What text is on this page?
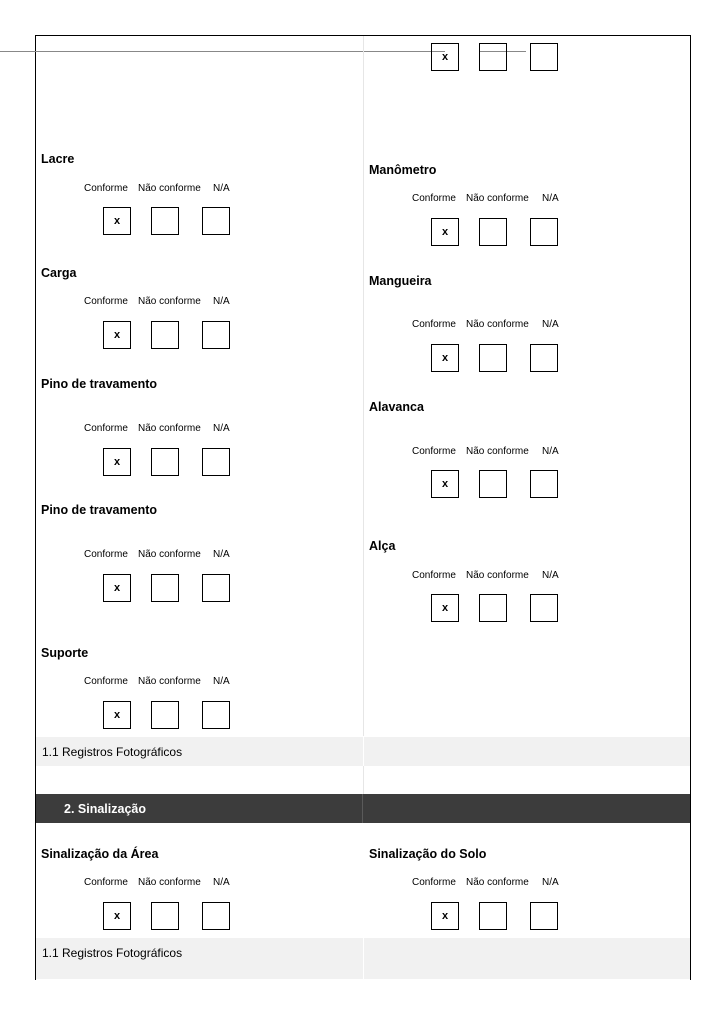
x
Lacre
Conforme Não conforme N/A
x
Manômetro
Conforme Não conforme N/A
x
Carga
Conforme Não conforme N/A
x
Mangueira
Conforme Não conforme N/A
x
Pino de travamento
Conforme Não conforme N/A
x
Alavanca
Conforme Não conforme N/A
x
Pino de travamento
Conforme Não conforme N/A
x
Alça
Conforme Não conforme N/A
x
Suporte
Conforme Não conforme N/A
x
1.1 Registros Fotográficos
2. Sinalização
Sinalização da Área
Conforme Não conforme N/A
x
Sinalização do Solo
Conforme Não conforme N/A
x
1.1 Registros Fotográficos
